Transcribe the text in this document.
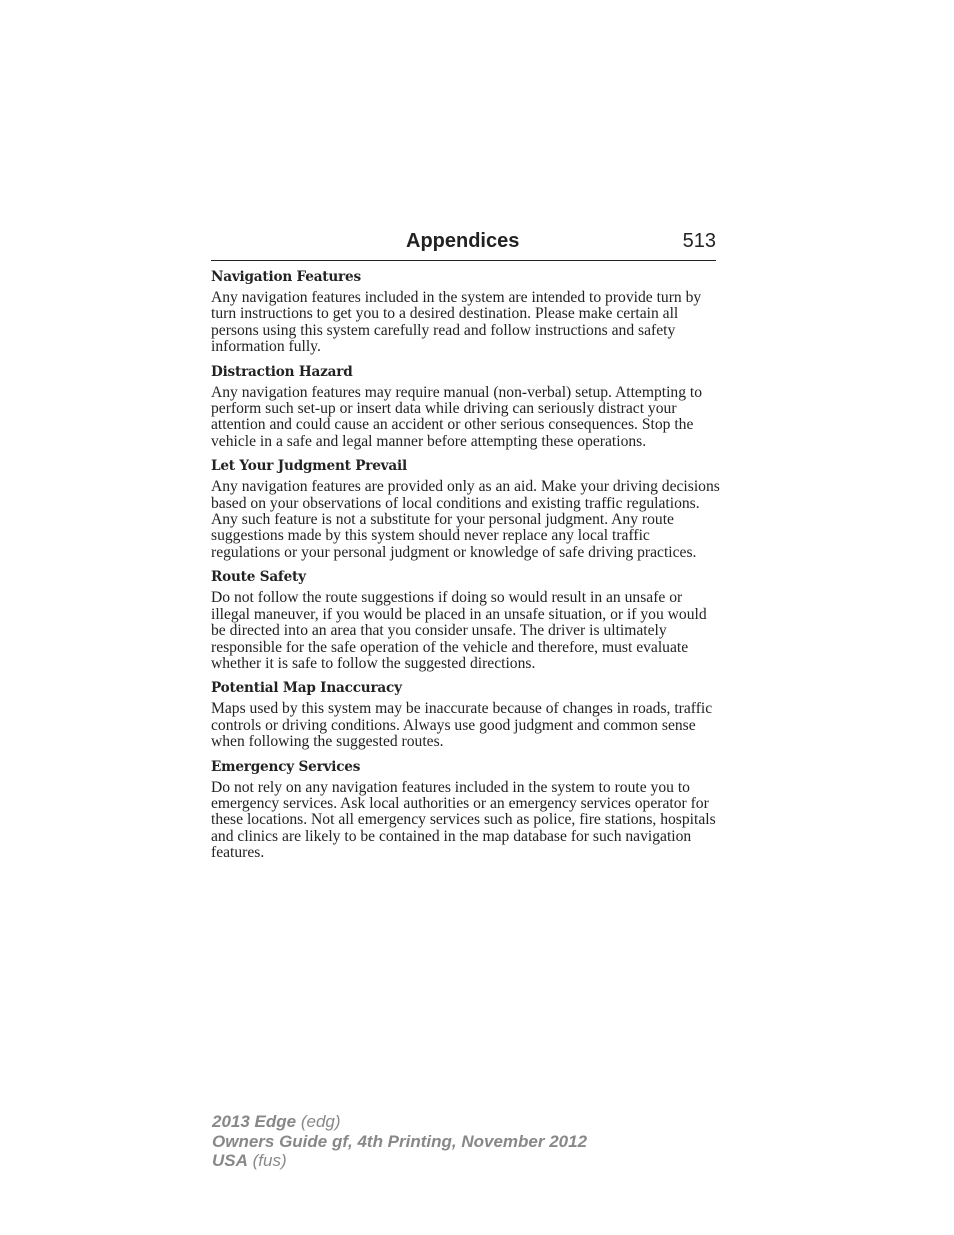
Appendices	513
Navigation Features
Any navigation features included in the system are intended to provide turn by turn instructions to get you to a desired destination. Please make certain all persons using this system carefully read and follow instructions and safety information fully.
Distraction Hazard
Any navigation features may require manual (non-verbal) setup. Attempting to perform such set-up or insert data while driving can seriously distract your attention and could cause an accident or other serious consequences. Stop the vehicle in a safe and legal manner before attempting these operations.
Let Your Judgment Prevail
Any navigation features are provided only as an aid. Make your driving decisions based on your observations of local conditions and existing traffic regulations. Any such feature is not a substitute for your personal judgment. Any route suggestions made by this system should never replace any local traffic regulations or your personal judgment or knowledge of safe driving practices.
Route Safety
Do not follow the route suggestions if doing so would result in an unsafe or illegal maneuver, if you would be placed in an unsafe situation, or if you would be directed into an area that you consider unsafe. The driver is ultimately responsible for the safe operation of the vehicle and therefore, must evaluate whether it is safe to follow the suggested directions.
Potential Map Inaccuracy
Maps used by this system may be inaccurate because of changes in roads, traffic controls or driving conditions. Always use good judgment and common sense when following the suggested routes.
Emergency Services
Do not rely on any navigation features included in the system to route you to emergency services. Ask local authorities or an emergency services operator for these locations. Not all emergency services such as police, fire stations, hospitals and clinics are likely to be contained in the map database for such navigation features.
2013 Edge (edg)
Owners Guide gf, 4th Printing, November 2012
USA (fus)
